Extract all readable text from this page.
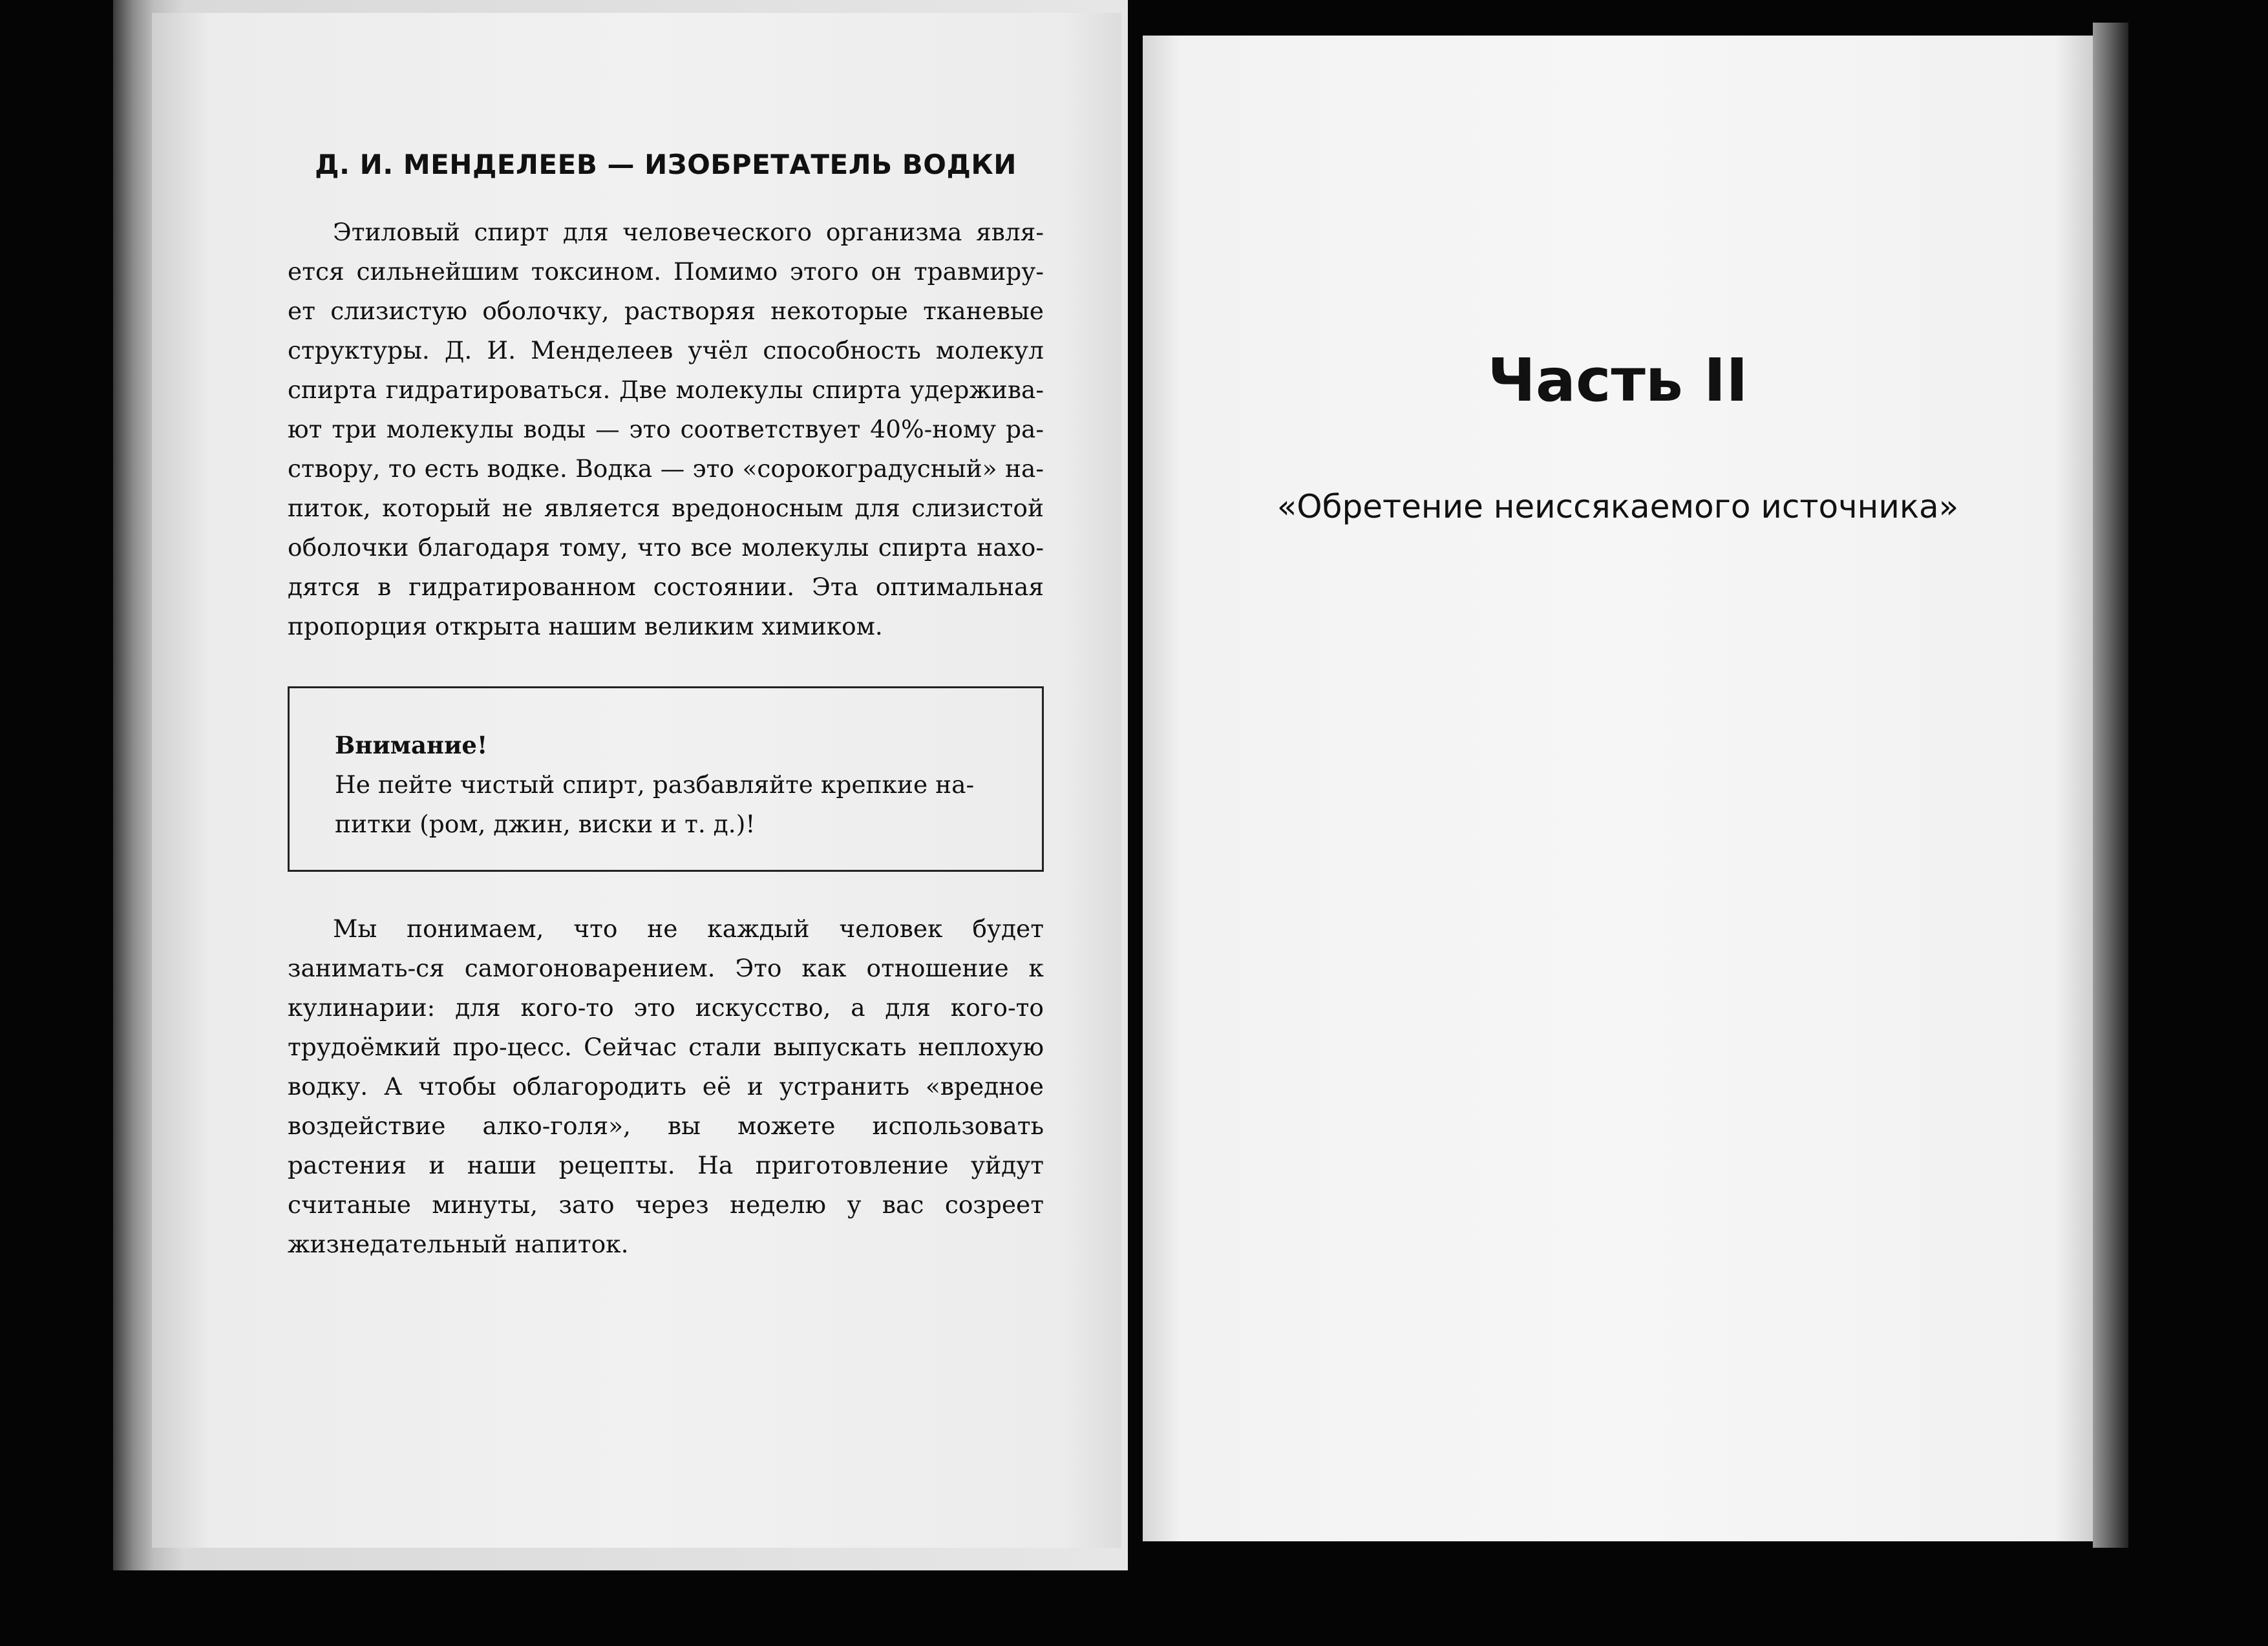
Д. И. МЕНДЕЛЕЕВ — ИЗОБРЕТАТЕЛЬ ВОДКИ

Этиловый спирт для человеческого организма явля-ется сильнейшим токсином. Помимо этого он травмиру-ет слизистую оболочку, растворяя некоторые тканевые структуры. Д. И. Менделеев учёл способность молекул спирта гидратироваться. Две молекулы спирта удержива-ют три молекулы воды — это соответствует 40%-ному ра-створу, то есть водке. Водка — это «сорокоградусный» на-питок, который не является вредоносным для слизистой оболочки благодаря тому, что все молекулы спирта нахо-дятся в гидратированном состоянии. Эта оптимальная пропорция открыта нашим великим химиком.

Внимание!

Не пейте чистый спирт, разбавляйте крепкие на-питки (ром, джин, виски и т. д.)!

Мы понимаем, что не каждый человек будет занимать-ся самогоноварением. Это как отношение к кулинарии: для кого-то это искусство, а для кого-то трудоёмкий про-цесс. Сейчас стали выпускать неплохую водку. А чтобы облагородить её и устранить «вредное воздействие алко-голя», вы можете использовать растения и наши рецепты. На приготовление уйдут считаные минуты, зато через неделю у вас созреет жизнедательный напиток.

Часть II

«Обретение неиссякаемого источника»
